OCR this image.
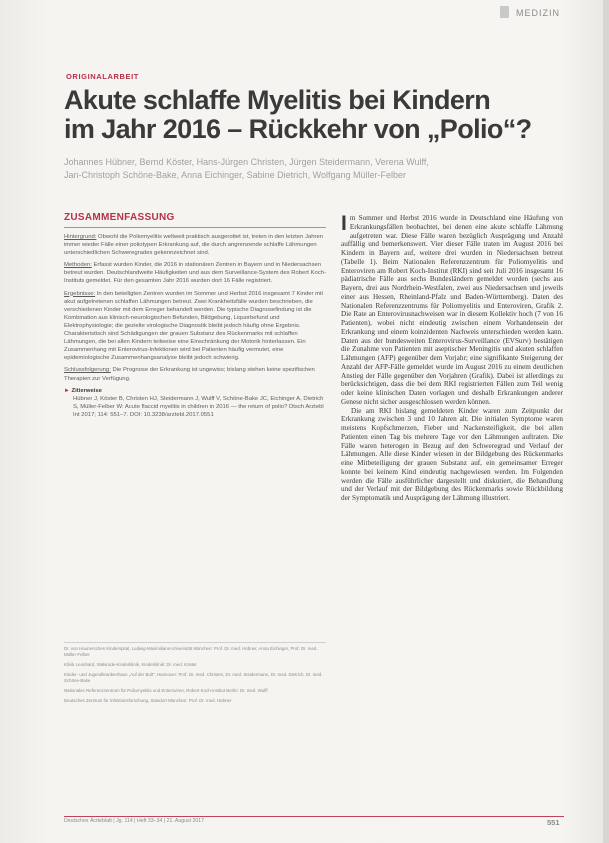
MEDIZIN
ORIGINALARBEIT
Akute schlaffe Myelitis bei Kindern
im Jahr 2016 – Rückkehr von „Polio“?
Johannes Hübner, Bernd Köster, Hans-Jürgen Christen, Jürgen Steidermann, Verena Wulff,
Jan-Christoph Schöne-Bake, Anna Eichinger, Sabine Dietrich, Wolfgang Müller-Felber
ZUSAMMENFASSUNG

Hintergrund: Obwohl die Poliomyelitis weltweit praktisch ausgerottet ist, treten in den letzten Jahren immer wieder Fälle einer poliotypen Erkrankung auf, die durch angrenzende schlaffe Lähmungen unterschiedlichen Schweregrades gekennzeichnet sind.

Methoden: Erfasst wurden Kinder, die 2016 in stationären Zentren in Bayern und in Niedersachsen betreut wurden. Deutschlandweite Häufigkeiten und aus dem Surveillance-System des Robert Koch-Instituts gemeldet. Für den gesamten Jahr 2016 wurden dort 16 Fälle registriert.

Ergebnisse: In den beteiligten Zentren wurden im Sommer und Herbst 2016 insgesamt 7 Kinder mit akut aufgetretenen schlaffen Lähmungen betreut. Zwei Krankheitsfälle wurden beschrieben, die verschiedenen Kinder mit dem Erreger behandelt werden. Die typische Diagnosefindung ist die Kombination aus klinisch-neurologischen Befunden, Bildgebung, Liquorbefund und Elektrophysiologie; die gezielte virologische Diagnostik bleibt jedoch häufig ohne Ergebnis. Charakteristisch sind Schädigungen der grauen Substanz des Rückenmarks mit schlaffen Lähmungen, die bei allen Kindern teilweise eine Einschränkung der Motorik hinterlassen. Ein Zusammenhang mit Enterovirus-Infektionen wird bei Patienten häufig vermutet, eine epidemiologische Zusammenhangsanalyse bleibt jedoch schwierig.

Schlussfolgerung: Die Prognose der Erkrankung ist ungewiss; bislang stehen keine spezifischen Therapien zur Verfügung.

► Zitierweise
Hübner J, Köster B, Christen HJ, Steidermann J, Wulff V, Schöne-Bake JC, Eichinger A, Dietrich S, Müller-Felber W: Acute flaccid myelitis in children in 2016 — the return of polio? Dtsch Arztebl Int 2017; 114: 551–7. DOI: 10.3238/arztebl.2017.0551

Dr. von Haunersches Kinderspital, Ludwig-Maximilians-Universität München: Prof. Dr. med. Hübner, Anna Eichinger, Prof. Dr. med. Müller-Felber

Klinik Leonhard, Walsrode-Kinderklinik, Kinderklinik: Dr. med. Köster

Kinder- und Jugendkrankenhaus „Auf der Bult“, Hannover: Prof. Dr. med. Christen, Dr. med. Steidermann, Dr. med. Dietrich, Dr. med. Schöne-Bake

Nationales Referenzzentrum für Poliomyelitis und Enteroviren, Robert Koch-Institut Berlin: Dr. med. Wulff

Deutsches Zentrum für Infektionsforschung, Standort München: Prof. Dr. med. Hübner

Im Sommer und Herbst 2016 wurde in Deutschland eine Häufung von Erkrankungsfällen beobachtet, bei denen eine akute schlaffe Lähmung aufgetreten war. Diese Fälle waren bezüglich Ausprägung und Anzahl auffällig und bemerkenswert. Vier dieser Fälle traten im August 2016 bei Kindern in Bayern auf, weitere drei wurden in Niedersachsen betreut (Tabelle 1). Beim Nationalen Referenzzentrum für Poliomyelitis und Enteroviren am Robert Koch-Institut (RKI) sind seit Juli 2016 insgesamt 16 pädiatrische Fälle aus sechs Bundesländern gemeldet worden (sechs aus Bayern, drei aus Nordrhein-Westfalen, zwei aus Niedersachsen und jeweils einer aus Hessen, Rheinland-Pfalz und Baden-Württemberg). Daten des Nationalen Referenzzentrums für Poliomyelitis und Enteroviren, Grafik 2. Die Rate an Enterovirusnachweisen war in diesem Kollektiv hoch (7 von 16 Patienten), wobei nicht eindeutig zwischen einem Vorhandensein der Erkrankung und einem koinzidenten Nachweis unterschieden werden kann. Daten aus der bundesweiten Enterovirus-Surveillance (EVSurv) bestätigen die Zunahme von Patienten mit aseptischer Meningitis und akuten schlaffen Lähmungen (AFP) gegenüber dem Vorjahr; eine signifikante Steigerung der Anzahl der AFP-Fälle gemeldet wurde im August 2016 zu einem deutlichen Anstieg der Fälle gegenüber den Vorjahren (Grafik). Dabei ist allerdings zu berücksichtigen, dass die bei dem RKI registrierten Fällen zum Teil wenig oder keine klinischen Daten vorlagen und deshalb Erkrankungen anderer Genese nicht sicher ausgeschlossen werden können.

Die am RKI bislang gemeldeten Kinder waren zum Zeitpunkt der Erkrankung zwischen 3 und 10 Jahren alt. Die initialen Symptome waren meistens Kopfschmerzen, Fieber und Nackensteifigkeit, die bei allen Patienten einen Tag bis mehrere Tage vor den Lähmungen auftraten. Die Fälle waren heterogen in Bezug auf den Schweregrad und Verlauf der Lähmungen. Alle diese Kinder wiesen in der Bildgebung des Rückenmarks eine Mitbeteiligung der grauen Substanz auf, ein gemeinsamer Erreger konnte bei keinem Kind eindeutig nachgewiesen werden. Im Folgenden werden die Fälle ausführlicher dargestellt und diskutiert, die Behandlung und der Verlauf mit der Bildgebung des Rückenmarks sowie Rückbildung der Symptomatik und Ausprägung der Lähmung illustriert.

Deutsches Ärzteblatt | Jg. 114 | Heft 33–34 | 21. August 2017	551
